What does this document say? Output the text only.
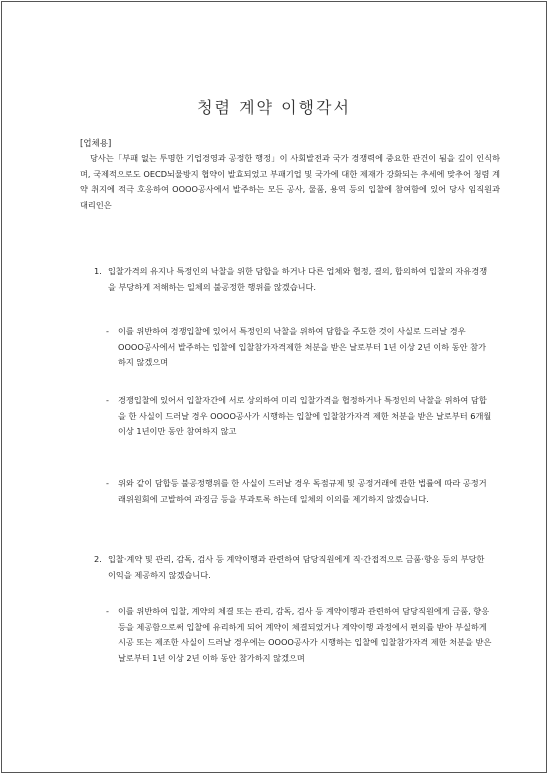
청렴 계약 이행각서
[업체용]
당사는「부패 없는 투명한 기업경영과 공정한 행정」이 사회발전과 국가 경쟁력에 중요한 관건이 됨을 깊이 인식하며, 국제적으로도 OECD뇌물방지 협약이 발효되었고 부패기업 및 국가에 대한 제재가 강화되는 추세에 맞추어 청렴 계약 취지에 적극 호응하여 OOOO공사에서 발주하는 모든 공사, 물품, 용역 등의 입찰에 참여함에 있어 당사 임직원과 대리인은
1. 입찰가격의 유지나 특정인의 낙찰을 위한 담합을 하거나 다른 업체와 협정, 결의, 합의하여 입찰의 자유경쟁을 부당하게 저해하는 일체의 불공정한 행위를 않겠습니다.
-	이를 위반하여 경쟁입찰에 있어서 특정인의 낙찰을 위하여 담합을 주도한 것이 사실로 드러날 경우 OOOO공사에서 발주하는 입찰에 입찰참가자격제한 처분을 받은 날로부터 1년 이상 2년 이하 동안 참가하지 않겠으며
-	경쟁입찰에 있어서 입찰자간에 서로 상의하여 미리 입찰가격을 협정하거나 특정인의 낙찰을 위하여 담합을 한 사실이 드러날 경우 OOOO공사가 시행하는 입찰에 입찰참가자격 제한 처분을 받은 날로부터 6개월이상 1년이만 동안 참여하지 않고
-	위와 같이 담합등 불공정행위를 한 사실이 드러날 경우 독점규제 및 공정거래에 관한 법률에 따라 공정거래위원회에 고발하여 과징금 등을 부과토록 하는데 일체의 이의를 제기하지 않겠습니다.
2. 입찰·계약 및 관리, 감독, 검사 등 계약이행과 관련하여 담당직원에게 직·간접적으로 금품·향응 등의 부당한 이익을 제공하지 않겠습니다.
-	이를 위반하여 입찰, 계약의 체결 또는 관리, 감독, 검사 등 계약이행과 관련하여 담당직원에게 금품, 향응 등을 제공함으로써 입찰에 유리하게 되어 계약이 체결되었거나 계약이행 과정에서 편의를 받아 부실하게 시공 또는 제조한 사실이 드러날 경우에는 OOOO공사가 시행하는 입찰에 입찰참가자격 제한 처분을 받은 날로부터 1년 이상 2년 이하 동안 참가하지 않겠으며
